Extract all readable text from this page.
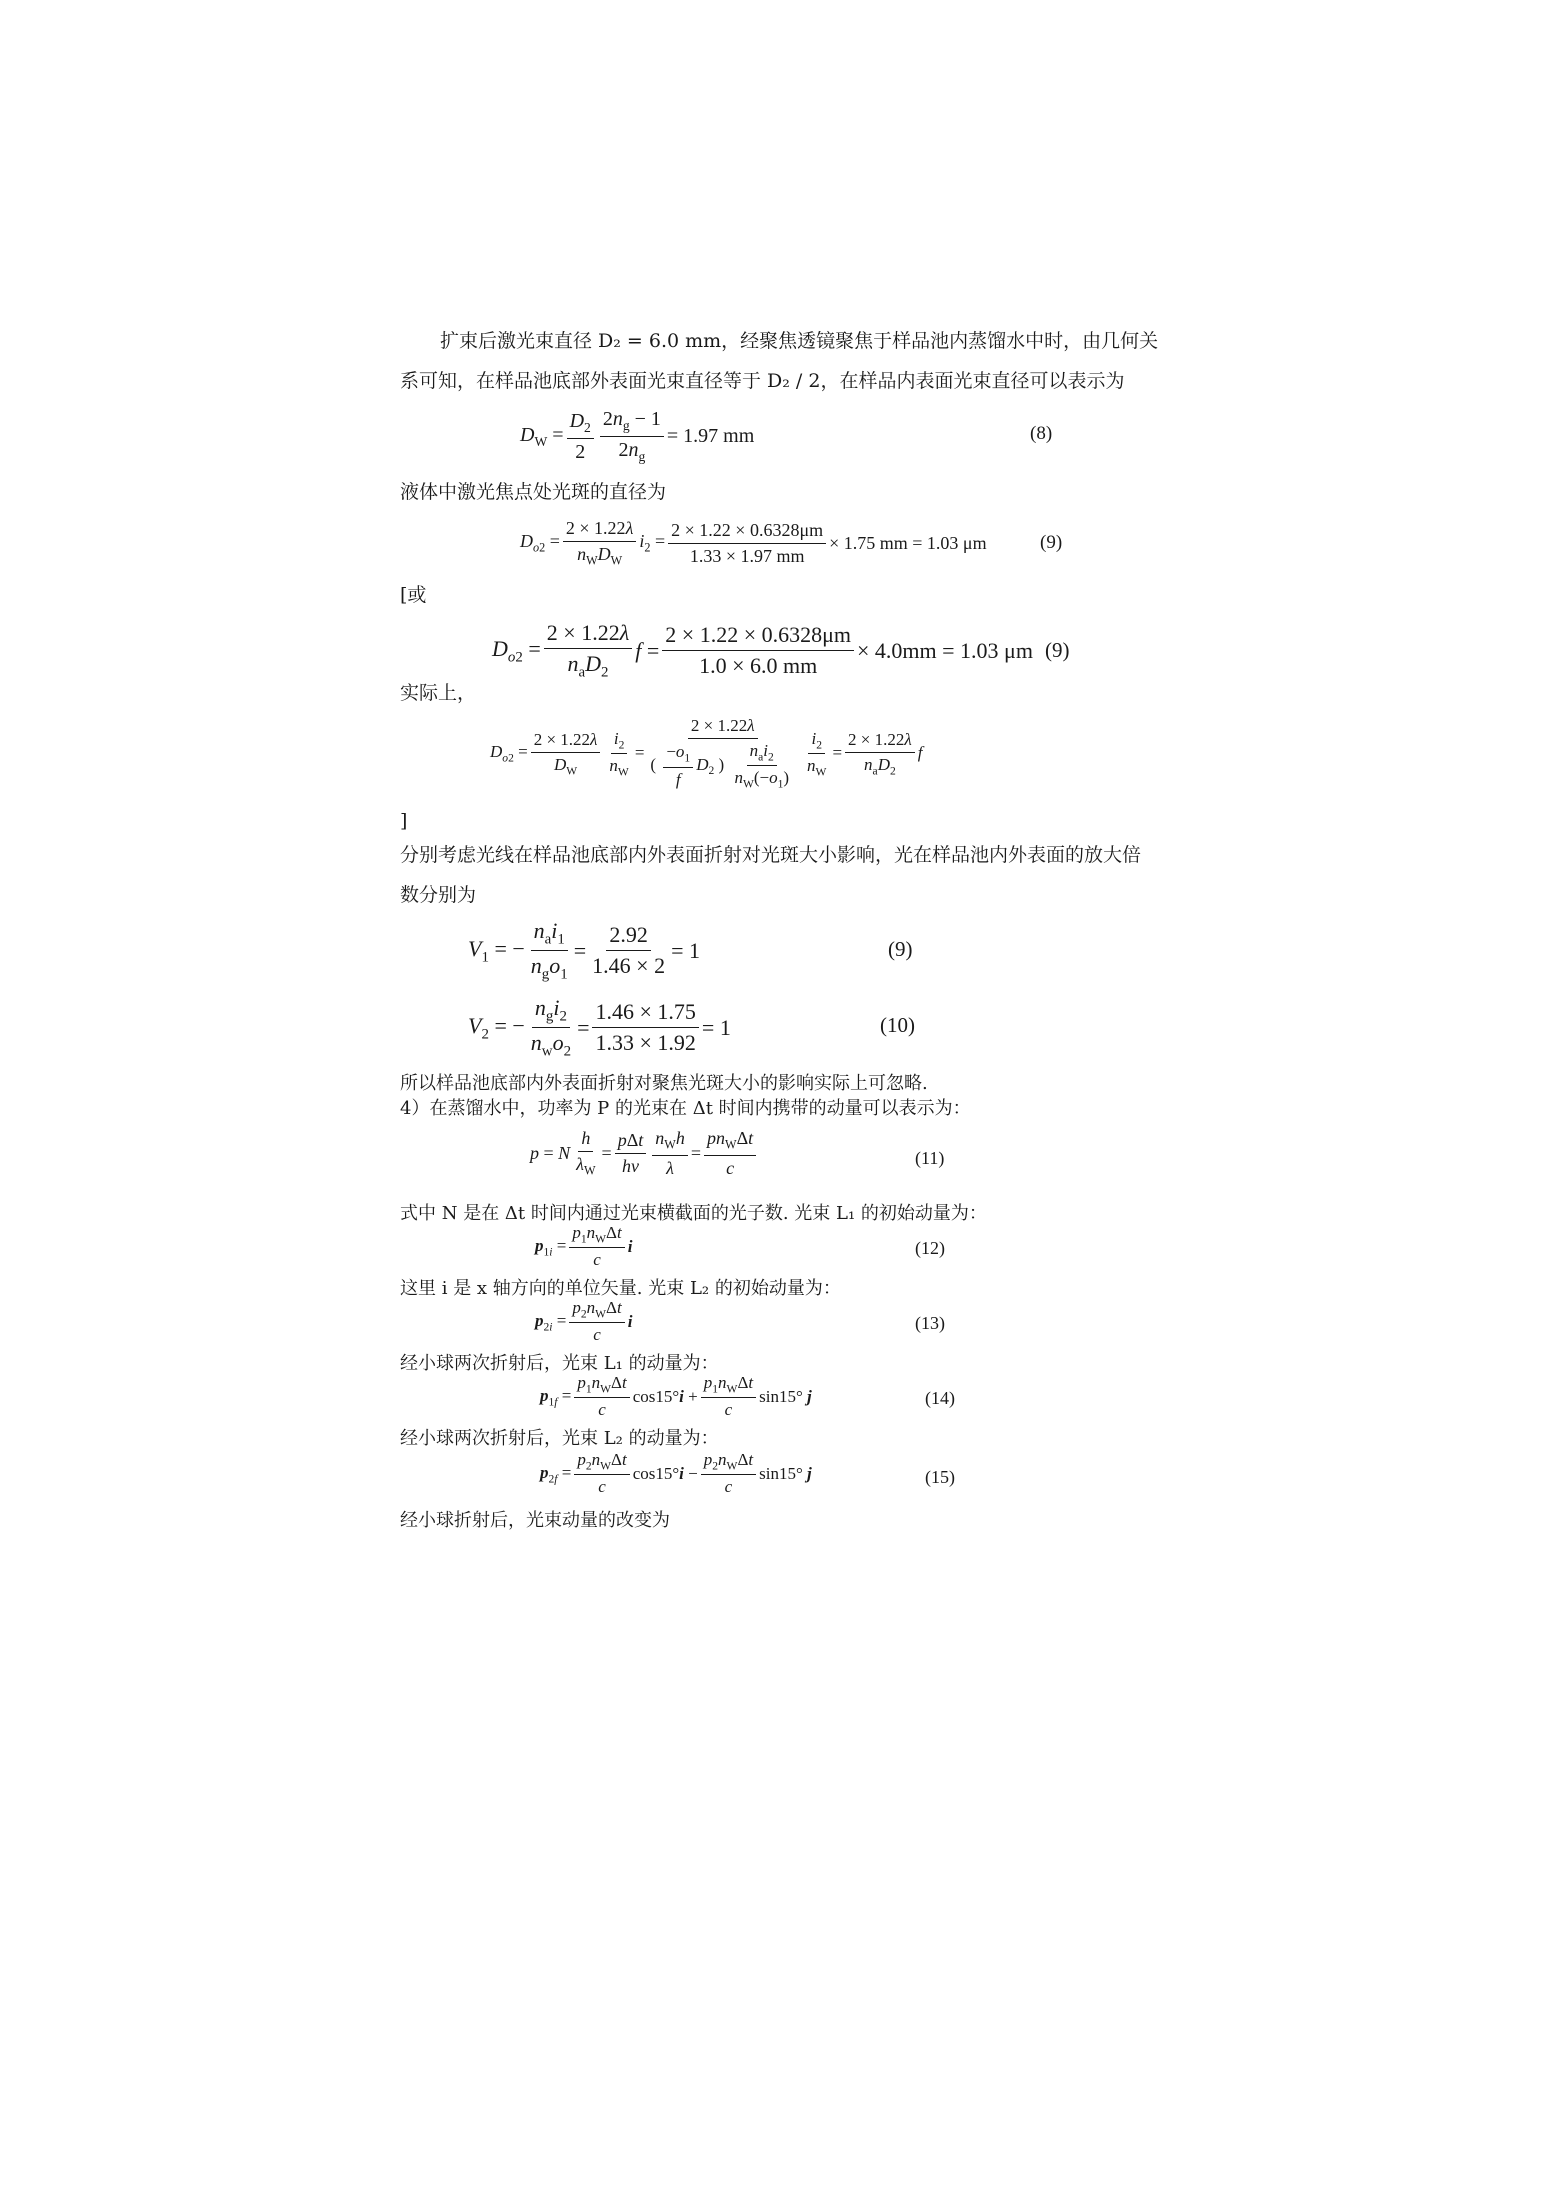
扩束后激光束直径 D₂ = 6.0 mm，经聚焦透镜聚焦于样品池内蒸馏水中时，由几何关
系可知，在样品池底部外表面光束直径等于 D₂ / 2，在样品内表面光束直径可以表示为
$D_W = \frac{D_2}{2} \frac{2n_g - 1}{2n_g} = 1.97$ mm	(8)
液体中激光焦点处光斑的直径为
$D_{o2} = \frac{2 \times 1.22\lambda}{n_WD_W} i_2 = \frac{2 \times 1.22 \times 0.6328\mu m}{1.33 \times 1.97 mm} \times 1.75$ mm = 1.03 μm	(9)
[或
$D_{o2} = \frac{2 \times 1.22\lambda}{n_aD_2}$ $f = \frac{2 \times 1.22 \times 0.6328\mu m}{1.0 \times 6.0 mm} \times 4.0mm = 1.03$ μm (9)
实际上，
$D_{o2} = \frac{2 \times 1.22\lambda}{D_W} \frac{i_2}{n_W} = \frac{2 \times 1.22\lambda}{( \frac{-o_1}{f} D_2 ) \frac{n_ai_2}{n_W(-o_1)}} \frac{i_2}{n_W} = \frac{2 \times 1.22\lambda}{n_aD_2}$ f
]
分别考虑光线在样品池底部内外表面折射对光斑大小影响，光在样品池内外表面的放大倍
数分别为
$V_1$ = − $\frac{n_ai_1}{n_go_1} = \frac{2.92}{1.46 \times 2} = 1$	(9)
$V_2$ = − $\frac{n_gi_2}{n_wo_2} = \frac{1.46 \times 1.75}{1.33 \times 1.92} = 1$	(10)
所以样品池底部内外表面折射对聚焦光斑大小的影响实际上可忽略.
4）在蒸馏水中，功率为 P 的光束在 Δt 时间内携带的动量可以表示为：
p = N $\frac{h}{\lambda_W} = \frac{\text{pΔt}}{h\nu} \frac{n_Wh}{\lambda} = \frac{pn_W\Delta t}{c}$	(11)
式中 N 是在 Δt 时间内通过光束横截面的光子数. 光束 L₁ 的初始动量为：
$p_{1i} = \frac{p_1n_W\Delta t}{c}$ i	(12)
这里 i 是 x 轴方向的单位矢量. 光束 L₂ 的初始动量为：
$p_{2i} = \frac{p_2n_W\Delta t}{c}$ i	(13)
经小球两次折射后，光束 L₁ 的动量为：
$p_{1f} = \frac{p_1n_W\Delta t}{c} \cos 15^\circ i + \frac{p_1n_W\Delta t}{c} \sin 15^\circ$ j	(14)
经小球两次折射后，光束 L₂ 的动量为：
$p_{2f} = \frac{p_2n_W\Delta t}{c} \cos 15^\circ i - \frac{p_2n_W\Delta t}{c} \sin 15^\circ$ j	(15)
经小球折射后，光束动量的改变为
